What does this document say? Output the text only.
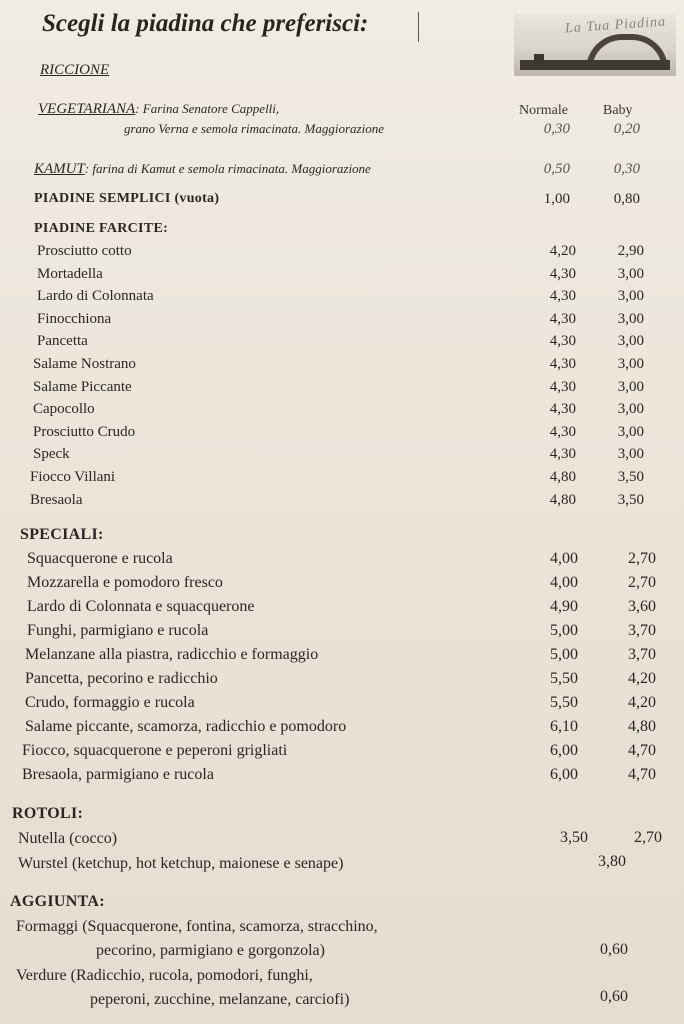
Scegli la piadina che preferisci:	La Tua Piadina
RICCIONE
Normale	Baby
VEGETARIANA: Farina Senatore Cappelli,
grano Verna e semola rimacinata. Maggiorazione	0,30	0,20
KAMUT: farina di Kamut e semola rimacinata. Maggiorazione	0,50	0,30
PIADINE SEMPLICI (vuota)	1,00	0,80
PIADINE FARCITE:
Prosciutto cotto	4,20	2,90
Mortadella	4,30	3,00
Lardo di Colonnata	4,30	3,00
Finocchiona	4,30	3,00
Pancetta	4,30	3,00
Salame Nostrano	4,30	3,00
Salame Piccante	4,30	3,00
Capocollo	4,30	3,00
Prosciutto Crudo	4,30	3,00
Speck	4,30	3,00
Fiocco Villani	4,80	3,50
Bresaola	4,80	3,50
SPECIALI:
Squacquerone e rucola	4,00	2,70
Mozzarella e pomodoro fresco	4,00	2,70
Lardo di Colonnata e squacquerone	4,90	3,60
Funghi, parmigiano e rucola	5,00	3,70
Melanzane alla piastra, radicchio e formaggio	5,00	3,70
Pancetta, pecorino e radicchio	5,50	4,20
Crudo, formaggio e rucola	5,50	4,20
Salame piccante, scamorza, radicchio e pomodoro	6,10	4,80
Fiocco, squacquerone e peperoni grigliati	6,00	4,70
Bresaola, parmigiano e rucola	6,00	4,70
ROTOLI:
Nutella (cocco)	3,50	2,70
Wurstel (ketchup, hot ketchup, maionese e senape)	3,80
AGGIUNTA:
Formaggi (Squacquerone, fontina, scamorza, stracchino,
pecorino, parmigiano e gorgonzola)	0,60
Verdure (Radicchio, rucola, pomodori, funghi,
peperoni, zucchine, melanzane, carciofi)	0,60
